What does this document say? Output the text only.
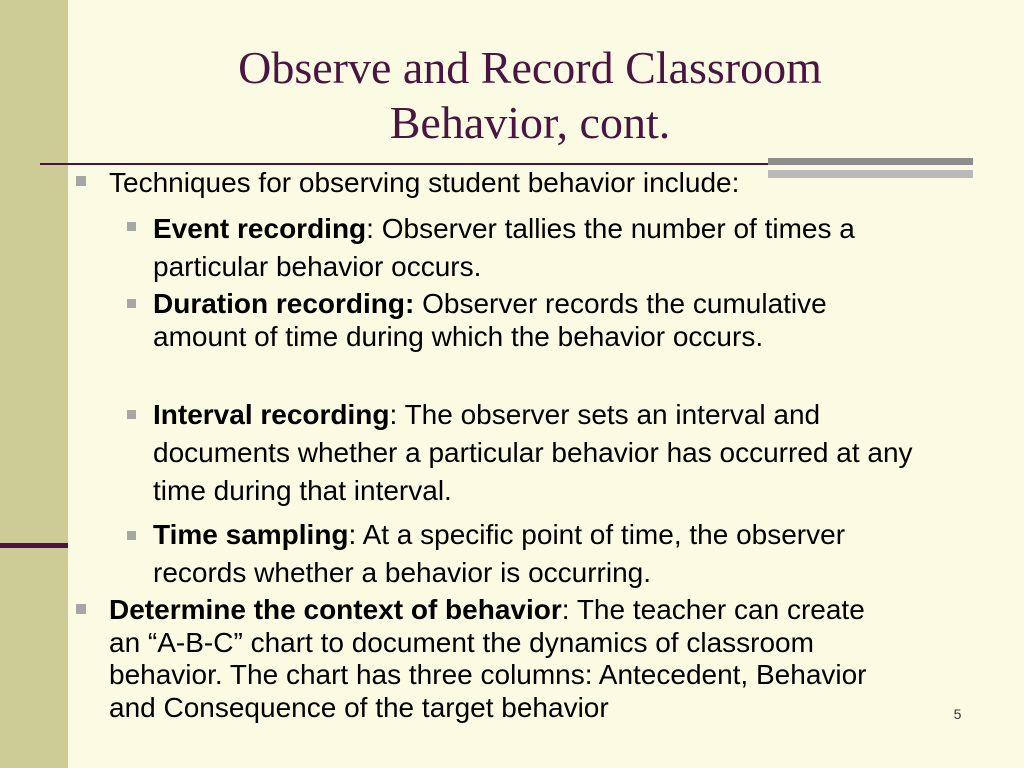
Observe and Record Classroom
Behavior, cont.

Techniques for observing student behavior include:

Event recording: Observer tallies the number of times a particular behavior occurs.

Duration recording: Observer records the cumulative amount of time during which the behavior occurs.

Interval recording: The observer sets an interval and documents whether a particular behavior has occurred at any time during that interval.

Time sampling: At a specific point of time, the observer records whether a behavior is occurring.

Determine the context of behavior: The teacher can create an “A-B-C” chart to document the dynamics of classroom behavior. The chart has three columns: Antecedent, Behavior and Consequence of the target behavior	5
